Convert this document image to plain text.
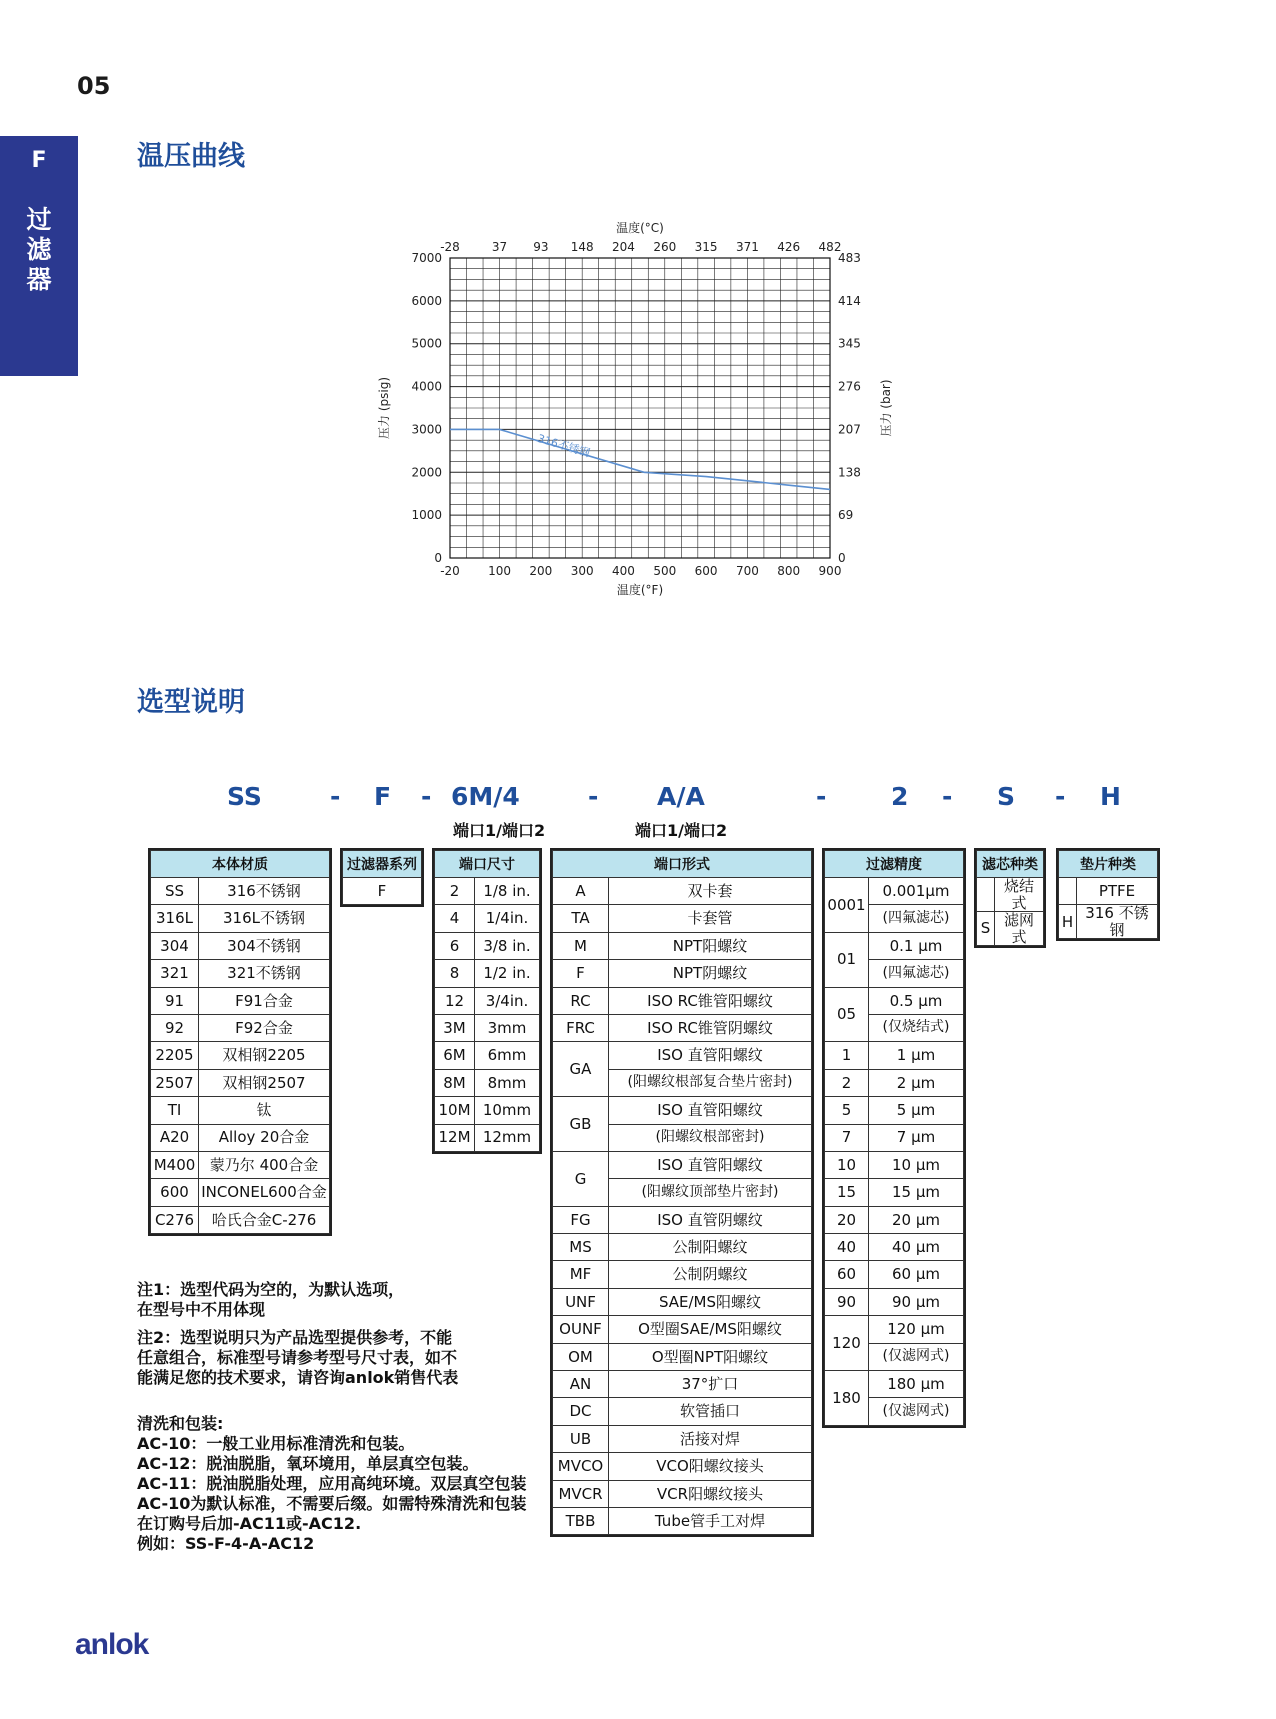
05
F
过滤器
温压曲线
-20 100 200 300 400 500 600 700 800 900
-28	37 93 148 204 260 315 371 426 482
0
1000
2000
3000
4000
5000
6000
7000
0
69
138
207
276
345
414
483
温度(°C)
温度(°F)
压力 (psig)	压力 (bar)
316不锈钢
选型说明
SS	- F - 6M/4	- A/A	-	2 - S - H
端口1/端口2	端口1/端口2
本体材质	
SS	316不锈钢
316L	316L不锈钢
304	304不锈钢
321	321不锈钢
91	F91合金
92	F92合金
2205	双相钢2205
2507	双相钢2507
TI	钛
A20	Alloy 20合金
M400	蒙乃尔 400合金
600	INCONEL600合金
C276	哈氏合金C-276
过滤器系列
F
端口尺寸	
2	1/8 in.
4	1/4in.
6	3/8 in.
8	1/2 in.
12	3/4in.
3M	3mm
6M	6mm
8M	8mm
10M	10mm
12M	12mm
端口形式	
A	双卡套
TA	卡套管
M	NPT阳螺纹
F	NPT阴螺纹
RC	ISO RC锥管阳螺纹
FRC	ISO RC锥管阴螺纹
GA	ISO 直管阳螺纹
	(阳螺纹根部复合垫片密封)
GB	ISO 直管阳螺纹
	(阳螺纹根部密封)
G	ISO 直管阳螺纹
	(阳螺纹顶部垫片密封)
FG	ISO 直管阴螺纹
MS	公制阳螺纹
MF	公制阴螺纹
UNF	SAE/MS阳螺纹
OUNF	O型圈SAE/MS阳螺纹
OM	O型圈NPT阳螺纹
AN	37°扩口
DC	软管插口
UB	活接对焊
MVCO	VCO阳螺纹接头
MVCR	VCR阳螺纹接头
TBB	Tube管手工对焊
过滤精度	
0001	0.001μm
	(四氟滤芯)
01	0.1 μm
	(四氟滤芯)
05	0.5 μm
	(仅烧结式)
1	1 μm
2	2 μm
5	5 μm
7	7 μm
10	10 μm
15	15 μm
20	20 μm
40	40 μm
60	60 μm
90	90 μm
120	120 μm
	(仅滤网式)
180	180 μm
	(仅滤网式)
滤芯种类	
	烧结式
S	滤网式
垫片种类	
	PTFE
H	316 不锈钢

注1：选型代码为空的，为默认选项，

在型号中不用体现

注2：选型说明只为产品选型提供参考，不能

任意组合，标准型号请参考型号尺寸表，如不

能满足您的技术要求，请咨询anlok销售代表

清洗和包装:

AC-10：一般工业用标准清洗和包装。

AC-12：脱油脱脂，氧环境用，单层真空包装。

AC-11：脱油脱脂处理，应用高纯环境。双层真空包装

AC-10为默认标准，不需要后缀。如需特殊清洗和包装

在订购号后加-AC11或-AC12.

例如：SS-F-4-A-AC12

anlok
